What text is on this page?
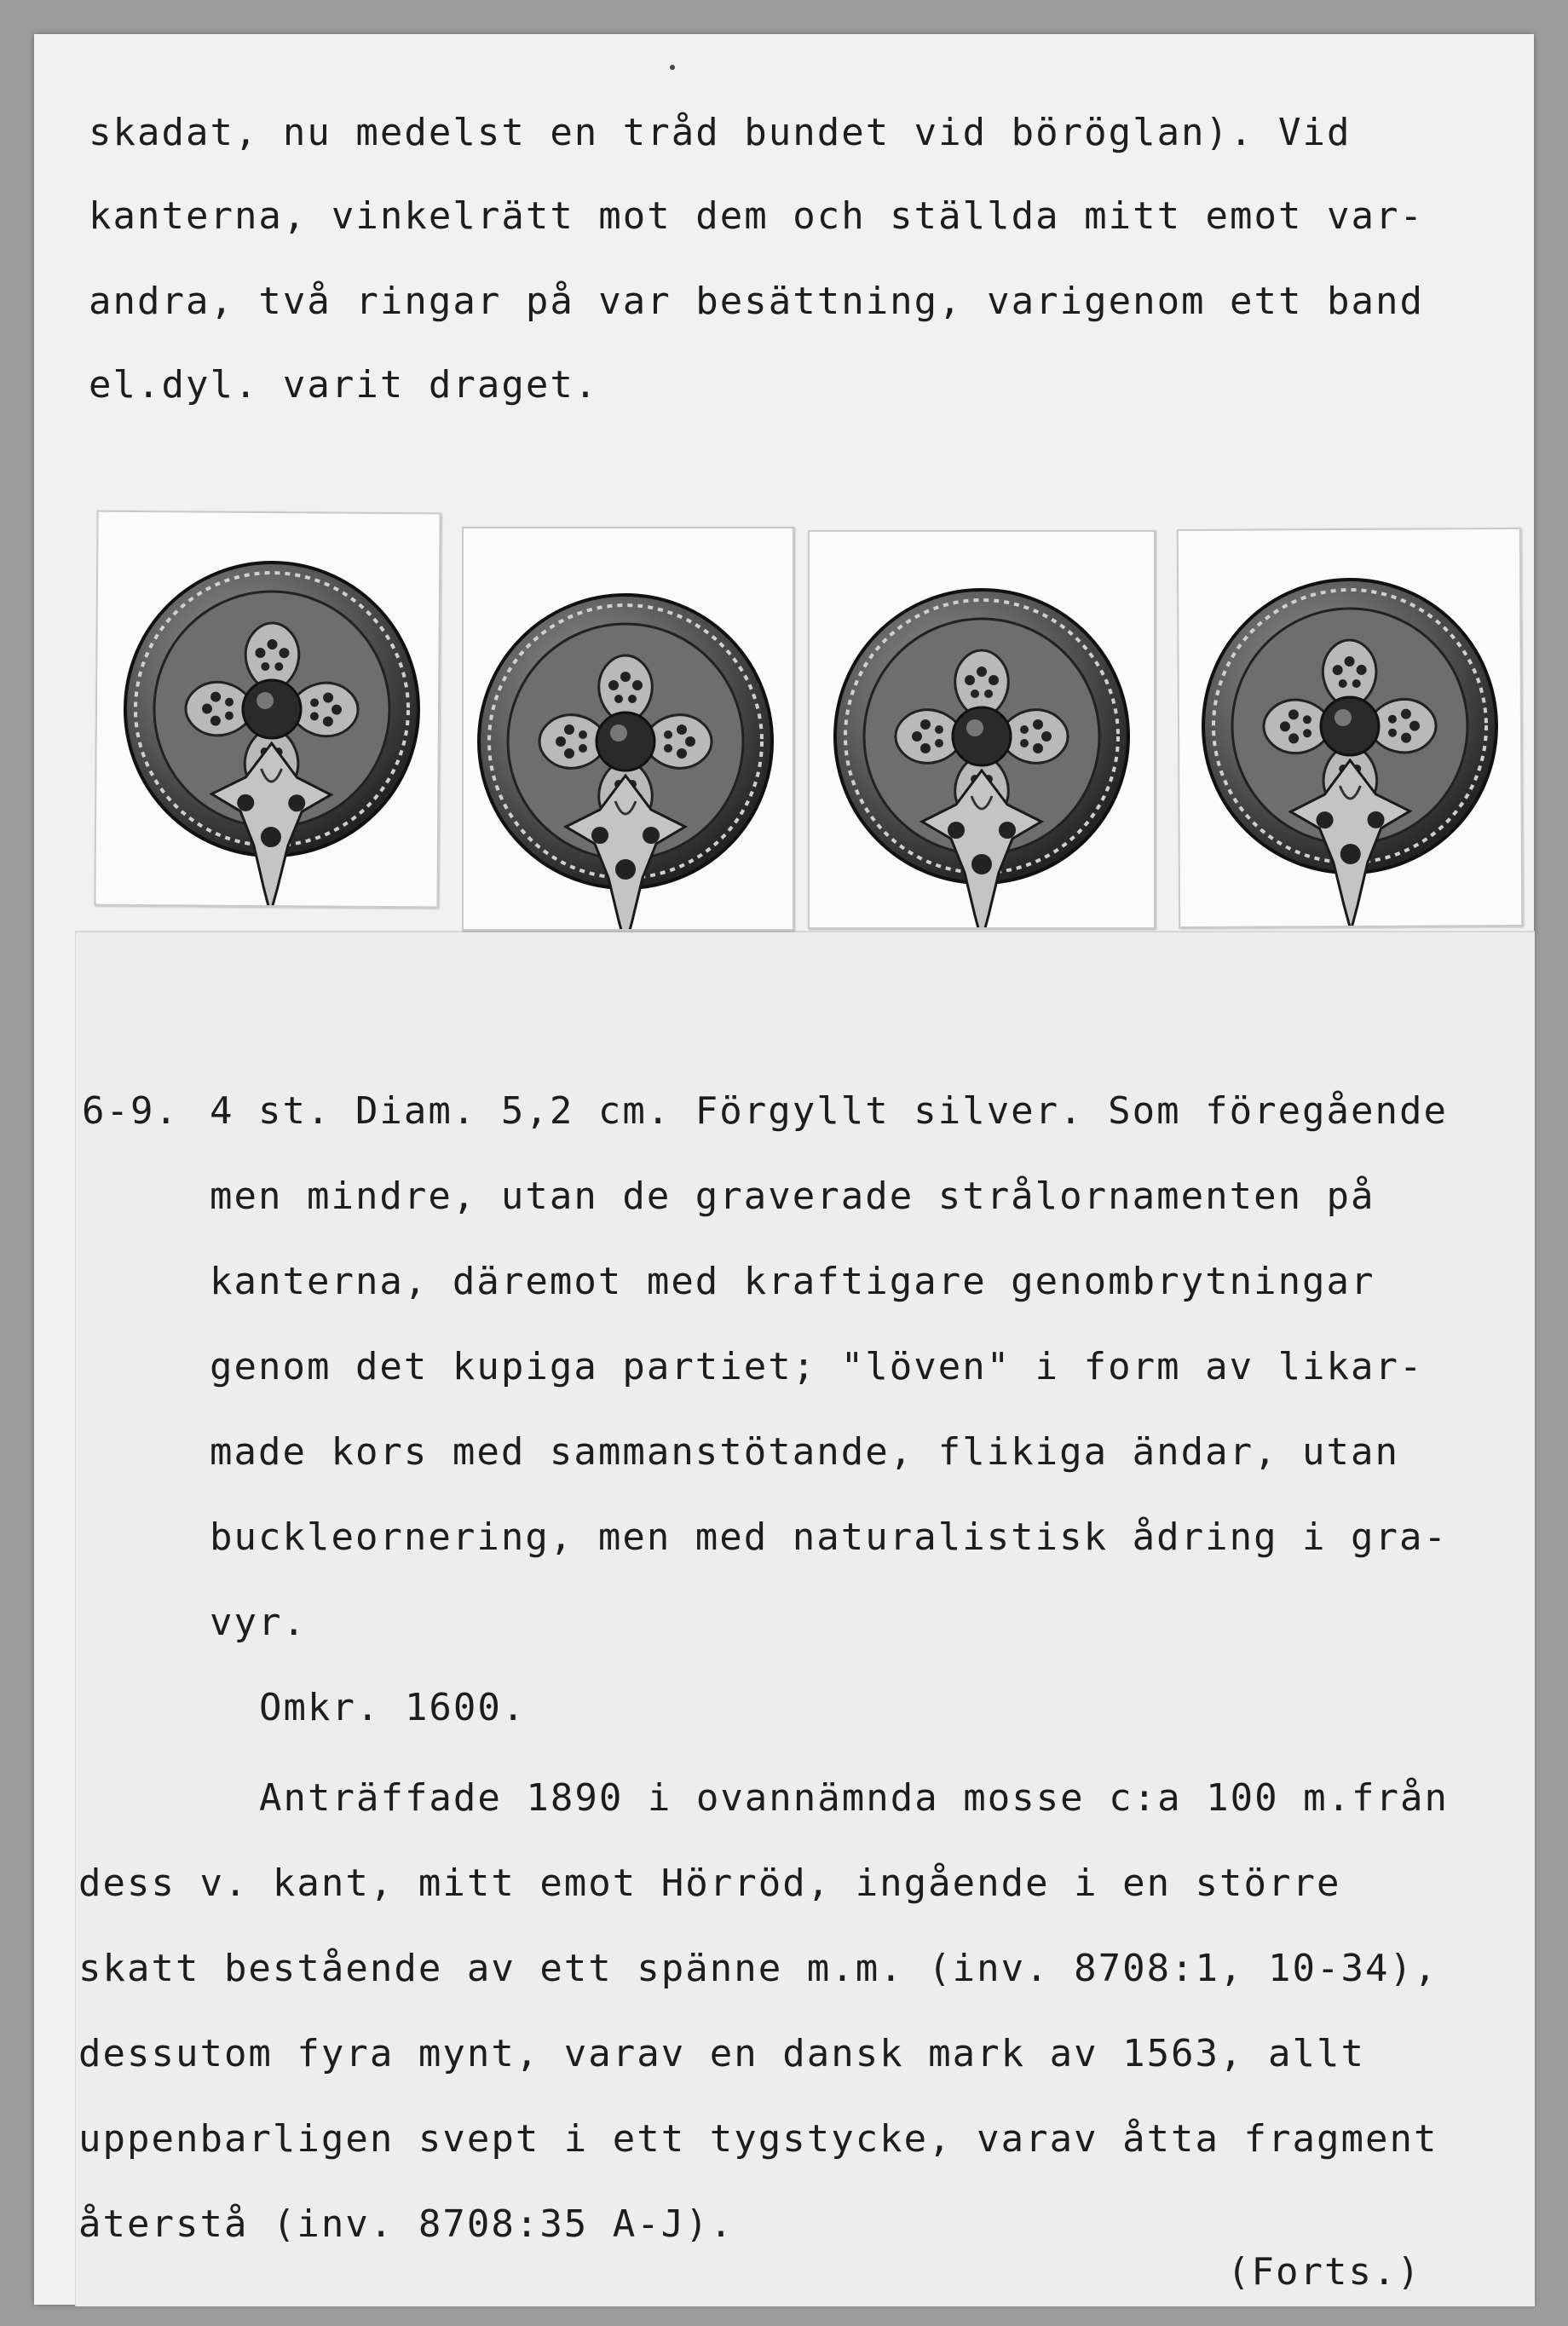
skadat, nu medelst en tråd bundet vid böröglan). Vid
kanterna, vinkelrätt mot dem och ställda mitt emot var-
andra, två ringar på var besättning, varigenom ett band
el.dyl. varit draget.
6-9. 4 st. Diam. 5,2 cm. Förgyllt silver. Som föregående
men mindre, utan de graverade strålornamenten på
kanterna, däremot med kraftigare genombrytningar
genom det kupiga partiet; "löven" i form av likar-
made kors med sammanstötande, flikiga ändar, utan
buckleornering, men med naturalistisk ådring i gra-
vyr.
Omkr. 1600.
Anträffade 1890 i ovannämnda mosse c:a 100 m.från
dess v. kant, mitt emot Hörröd, ingående i en större
skatt bestående av ett spänne m.m. (inv. 8708:1, 10-34),
dessutom fyra mynt, varav en dansk mark av 1563, allt
uppenbarligen svept i ett tygstycke, varav åtta fragment
återstå (inv. 8708:35 A-J).
(Forts.)
